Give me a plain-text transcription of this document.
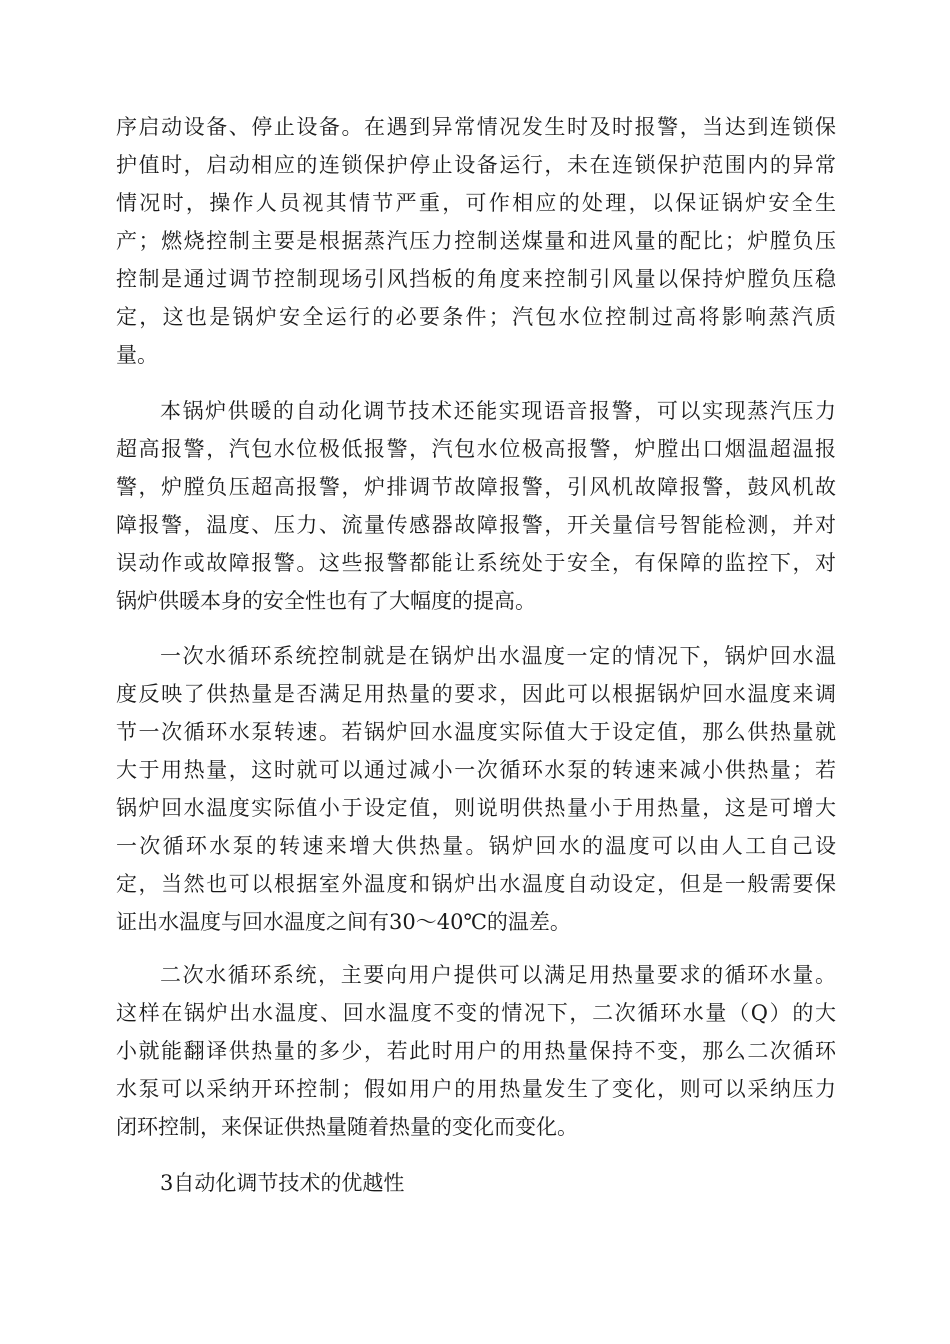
序启动设备、停止设备。在遇到异常情况发生时及时报警，当达到连锁保
护值时，启动相应的连锁保护停止设备运行，未在连锁保护范围内的异常
情况时，操作人员视其情节严重，可作相应的处理，以保证锅炉安全生
产；燃烧控制主要是根据蒸汽压力控制送煤量和进风量的配比；炉膛负压
控制是通过调节控制现场引风挡板的角度来控制引风量以保持炉膛负压稳
定，这也是锅炉安全运行的必要条件；汽包水位控制过高将影响蒸汽质
量。
本锅炉供暖的自动化调节技术还能实现语音报警，可以实现蒸汽压力
超高报警，汽包水位极低报警，汽包水位极高报警，炉膛出口烟温超温报
警，炉膛负压超高报警，炉排调节故障报警，引风机故障报警，鼓风机故
障报警，温度、压力、流量传感器故障报警，开关量信号智能检测，并对
误动作或故障报警。这些报警都能让系统处于安全，有保障的监控下，对
锅炉供暖本身的安全性也有了大幅度的提高。
一次水循环系统控制就是在锅炉出水温度一定的情况下，锅炉回水温
度反映了供热量是否满足用热量的要求，因此可以根据锅炉回水温度来调
节一次循环水泵转速。若锅炉回水温度实际值大于设定值，那么供热量就
大于用热量，这时就可以通过减小一次循环水泵的转速来减小供热量；若
锅炉回水温度实际值小于设定值，则说明供热量小于用热量，这是可增大
一次循环水泵的转速来增大供热量。锅炉回水的温度可以由人工自己设
定，当然也可以根据室外温度和锅炉出水温度自动设定，但是一般需要保
证出水温度与回水温度之间有30～40℃的温差。
二次水循环系统，主要向用户提供可以满足用热量要求的循环水量。
这样在锅炉出水温度、回水温度不变的情况下，二次循环水量（Q）的大
小就能翻译供热量的多少，若此时用户的用热量保持不变，那么二次循环
水泵可以采纳开环控制；假如用户的用热量发生了变化，则可以采纳压力
闭环控制，来保证供热量随着热量的变化而变化。
3自动化调节技术的优越性
